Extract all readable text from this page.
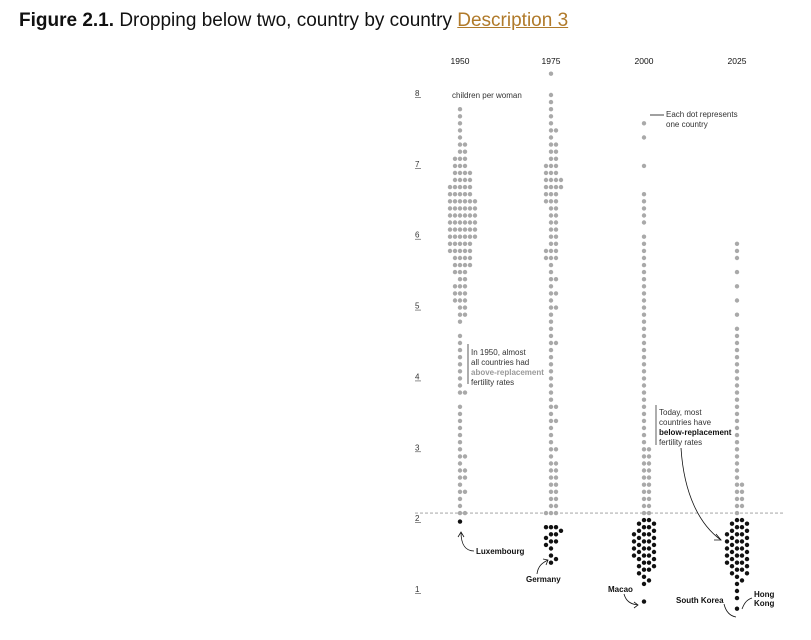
Figure 2.1. Dropping below two, country by country Description 3
1
2
3
4
5
6
7
8	children per woman
1950	1975	2000	2025
Each dot represents
one country
In 1950, almost
all countries had
above-replacement
fertility rates
Today, most
countries have
below-replacement
fertility rates
Luxembourg
Germany
Macao
South Korea
Hong
Kong
